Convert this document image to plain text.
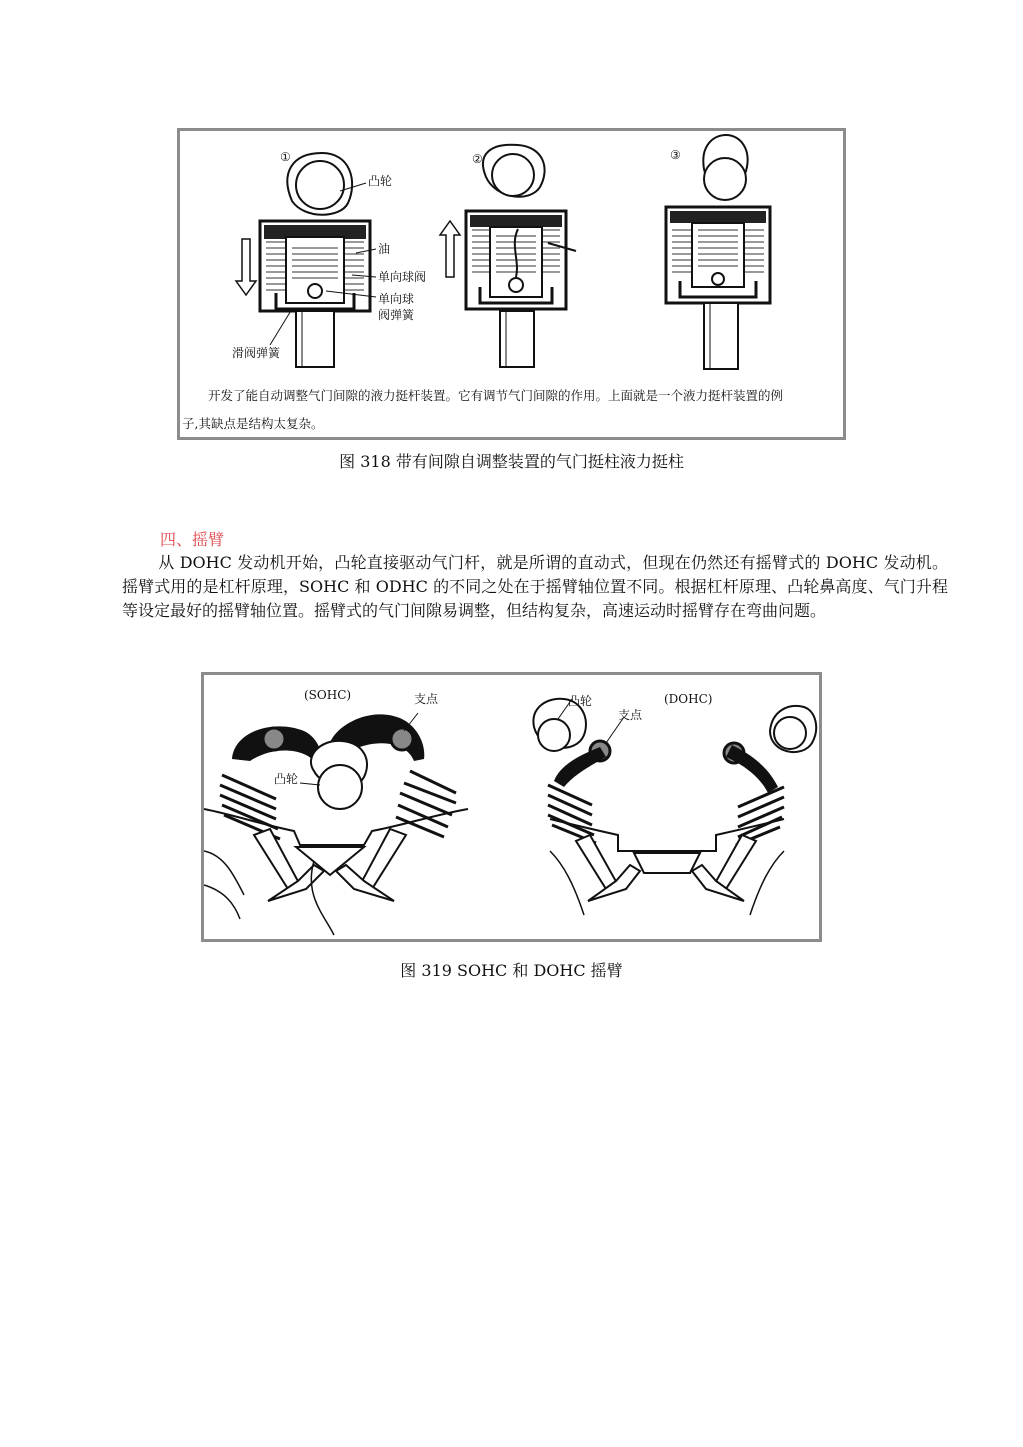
①	②	③
凸轮
油
单向球阀
单向球
阀弹簧
滑阀弹簧
开发了能自动调整气门间隙的液力挺杆装置。它有调节气门间隙的作用。上面就是一个液力挺杆装置的例
子,其缺点是结构太复杂。
图 318 带有间隙自调整装置的气门挺柱液力挺柱
四、摇臂
从 DOHC 发动机开始，凸轮直接驱动气门杆，就是所谓的直动式，但现在仍然还有摇臂式的 DOHC 发动机。摇臂式用的是杠杆原理，SOHC 和 ODHC 的不同之处在于摇臂轴位置不同。根据杠杆原理、凸轮鼻高度、气门升程等设定最好的摇臂轴位置。摇臂式的气门间隙易调整，但结构复杂，高速运动时摇臂存在弯曲问题。
(SOHC)	支点
凸轮
(DOHC)
凸轮
支点
图 319 SOHC 和 DOHC 摇臂
